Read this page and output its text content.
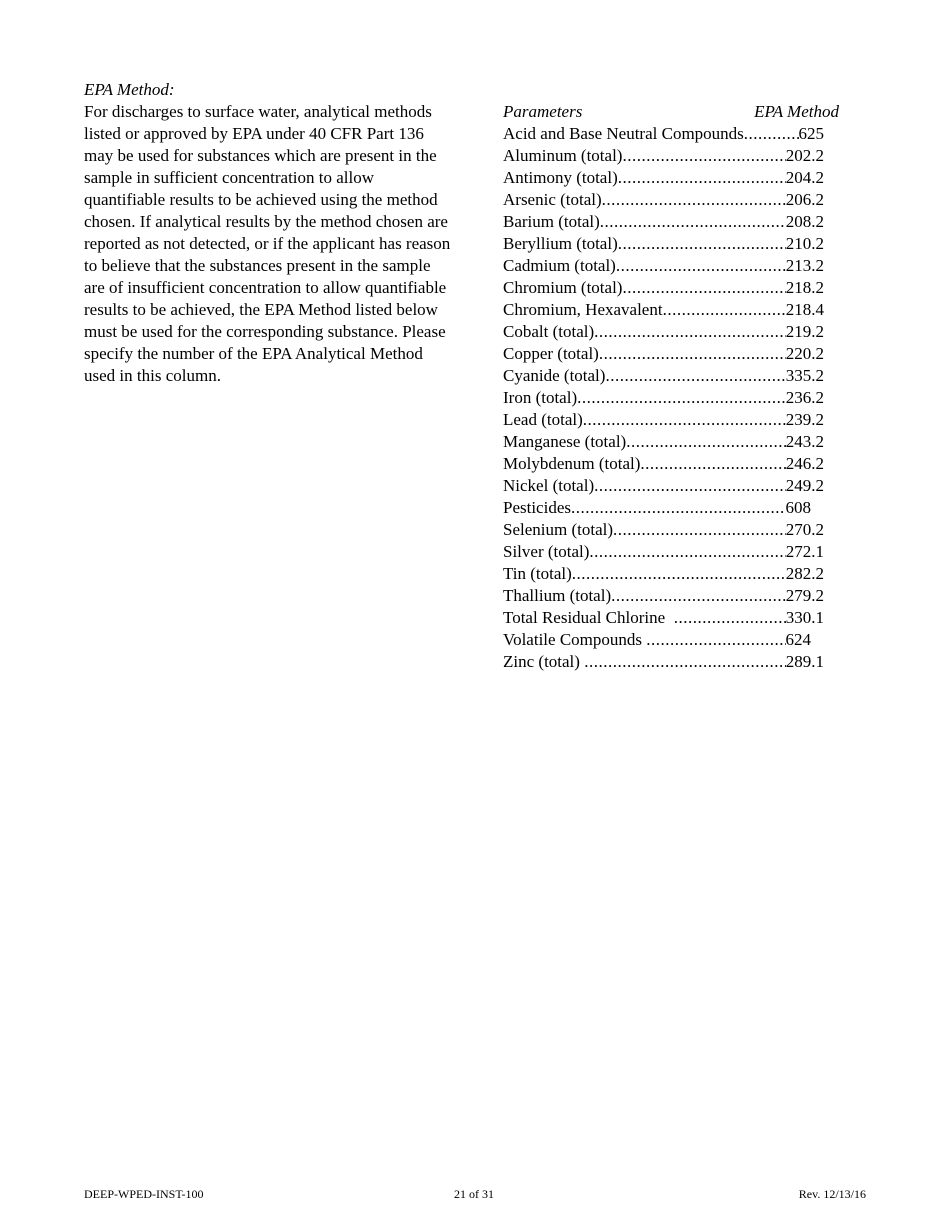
EPA Method:

For discharges to surface water, analytical methods listed or approved by EPA under 40 CFR Part 136 may be used for substances which are present in the sample in sufficient concentration to allow quantifiable results to be achieved using the method chosen. If analytical results by the method chosen are reported as not detected, or if the applicant has reason to believe that the substances present in the sample are of insufficient concentration to allow quantifiable results to be achieved, the EPA Method listed below must be used for the corresponding substance. Please specify the number of the EPA Analytical Method used in this column.

Parameters	EPA Method
Acid and Base Neutral Compounds .....	625
Aluminum (total) .....	202.2
Antimony (total) .....	204.2
Arsenic (total) .....	206.2
Barium (total) .....	208.2
Beryllium (total) .....	210.2
Cadmium (total) .....	213.2
Chromium (total) .....	218.2
Chromium, Hexavalent .....	218.4
Cobalt (total) .....	219.2
Copper (total) .....	220.2
Cyanide (total) .....	335.2
Iron (total) .....	236.2
Lead (total) .....	239.2
Manganese (total) .....	243.2
Molybdenum (total) .....	246.2
Nickel (total) .....	249.2
Pesticides .....	608
Selenium (total) .....	270.2
Silver (total) .....	272.1
Tin (total) .....	282.2
Thallium (total) .....	279.2
Total Residual Chlorine .....	330.1
Volatile Compounds .....	624
Zinc (total) .....	289.1
DEEP-WPED-INST-100	21 of 31	Rev. 12/13/16
